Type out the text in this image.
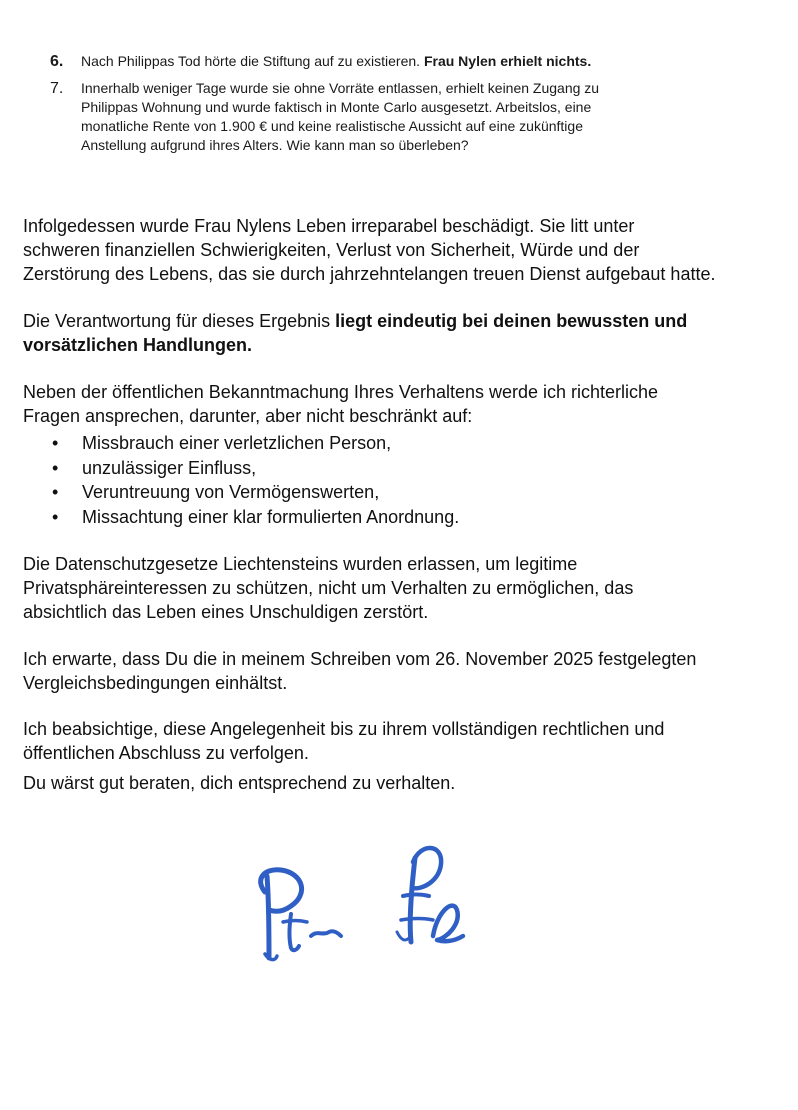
6. Nach Philippas Tod hörte die Stiftung auf zu existieren. Frau Nylen erhielt nichts.
7. Innerhalb weniger Tage wurde sie ohne Vorräte entlassen, erhielt keinen Zugang zu
Philippas Wohnung und wurde faktisch in Monte Carlo ausgesetzt. Arbeitslos, eine
monatliche Rente von 1.900 € und keine realistische Aussicht auf eine zukünftige
Anstellung aufgrund ihres Alters. Wie kann man so überleben?

Infolgedessen wurde Frau Nylens Leben irreparabel beschädigt. Sie litt unter
schweren finanziellen Schwierigkeiten, Verlust von Sicherheit, Würde und der
Zerstörung des Lebens, das sie durch jahrzehntelangen treuen Dienst aufgebaut hatte.

Die Verantwortung für dieses Ergebnis liegt eindeutig bei deinen bewussten und
vorsätzlichen Handlungen.

Neben der öffentlichen Bekanntmachung Ihres Verhaltens werde ich richterliche
Fragen ansprechen, darunter, aber nicht beschränkt auf:

• Missbrauch einer verletzlichen Person,
• unzulässiger Einfluss,
• Veruntreuung von Vermögenswerten,
• Missachtung einer klar formulierten Anordnung.

Die Datenschutzgesetze Liechtensteins wurden erlassen, um legitime
Privatsphäreinteressen zu schützen, nicht um Verhalten zu ermöglichen, das
absichtlich das Leben eines Unschuldigen zerstört.

Ich erwarte, dass Du die in meinem Schreiben vom 26. November 2025 festgelegten
Vergleichsbedingungen einhältst.

Ich beabsichtige, diese Angelegenheit bis zu ihrem vollständigen rechtlichen und
öffentlichen Abschluss zu verfolgen.

Du wärst gut beraten, dich entsprechend zu verhalten.
